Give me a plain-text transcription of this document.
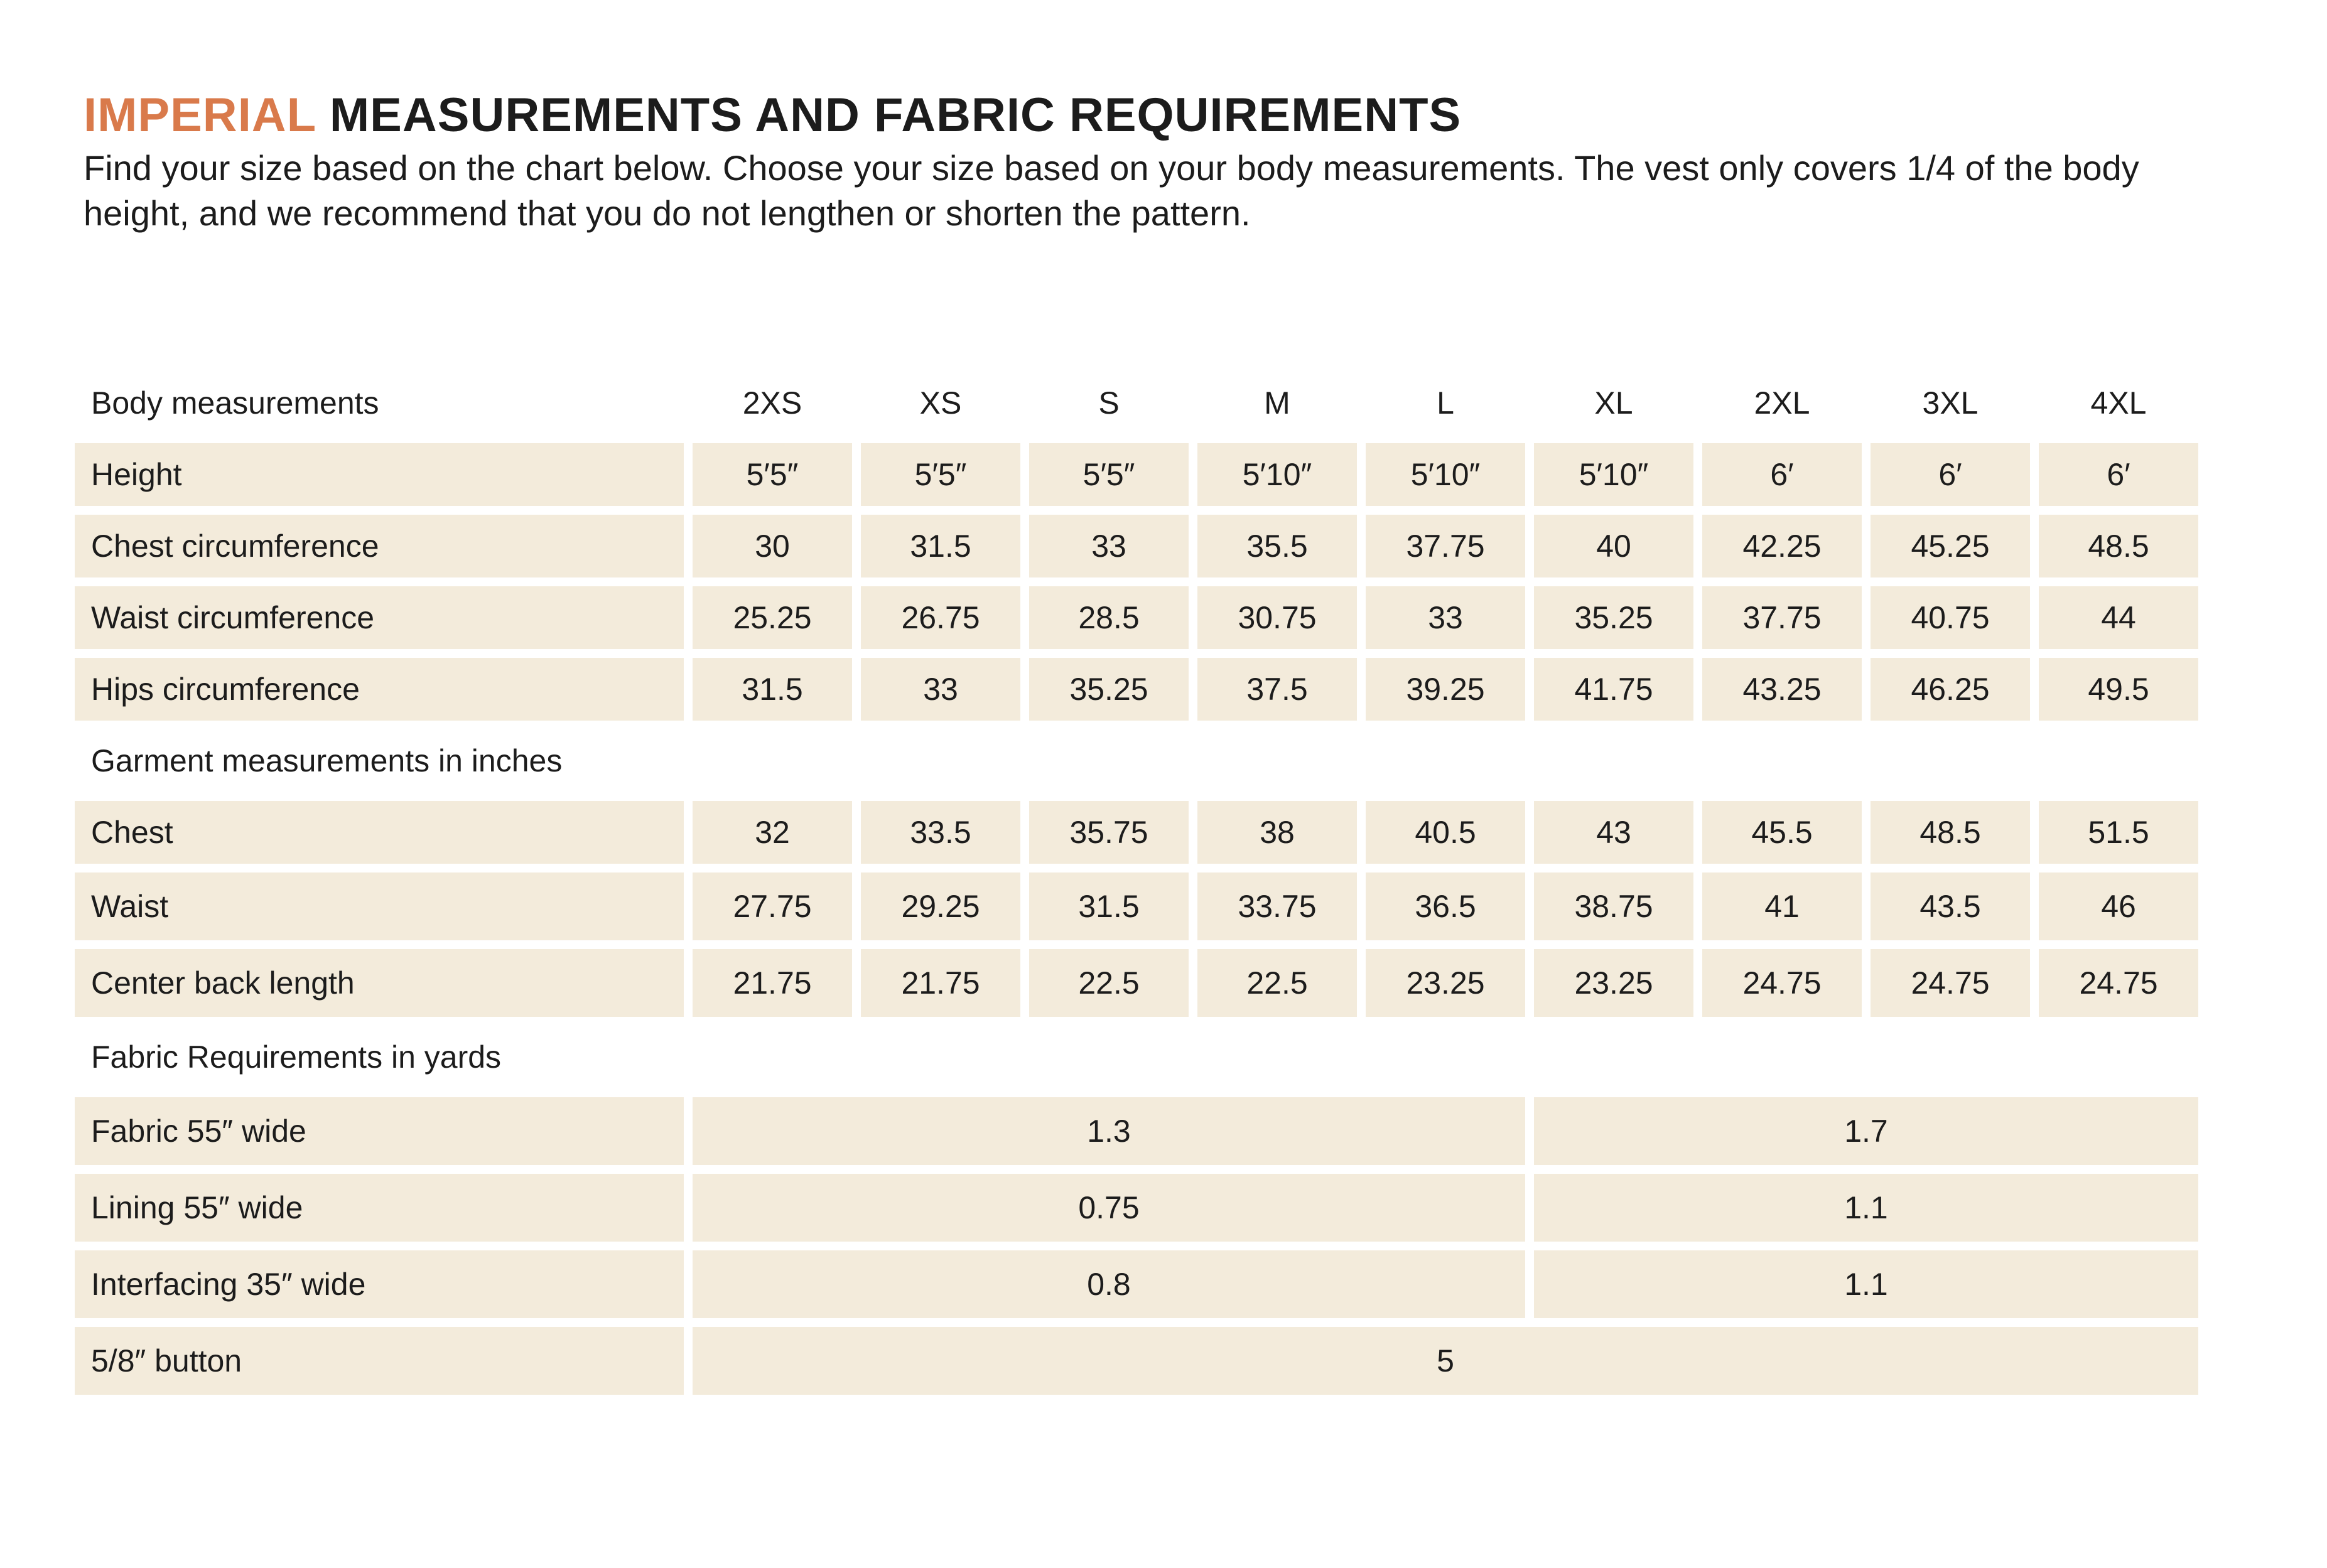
IMPERIAL MEASUREMENTS AND FABRIC REQUIREMENTS

Find your size based on the chart below. Choose your size based on your body measurements. The vest only covers 1/4 of the body height, and we recommend that you do not lengthen or shorten the pattern.

Body measurements	2XS	XS	S	M	L	XL	2XL	3XL	4XL
Height	5′5″	5′5″	5′5″	5′10″	5′10″	5′10″	6′	6′	6′
Chest circumference	30	31.5	33	35.5	37.75	40	42.25	45.25	48.5
Waist circumference	25.25	26.75	28.5	30.75	33	35.25	37.75	40.75	44
Hips circumference	31.5	33	35.25	37.5	39.25	41.75	43.25	46.25	49.5
Garment measurements in inches									
Chest	32	33.5	35.75	38	40.5	43	45.5	48.5	51.5
Waist	27.75	29.25	31.5	33.75	36.5	38.75	41	43.5	46
Center back length	21.75	21.75	22.5	22.5	23.25	23.25	24.75	24.75	24.75
Fabric Requirements in yards									
Fabric 55″ wide	1.3					1.7			
Lining 55″ wide	0.75					1.1			
Interfacing 35″ wide	0.8					1.1			
5/8″ button	5								
